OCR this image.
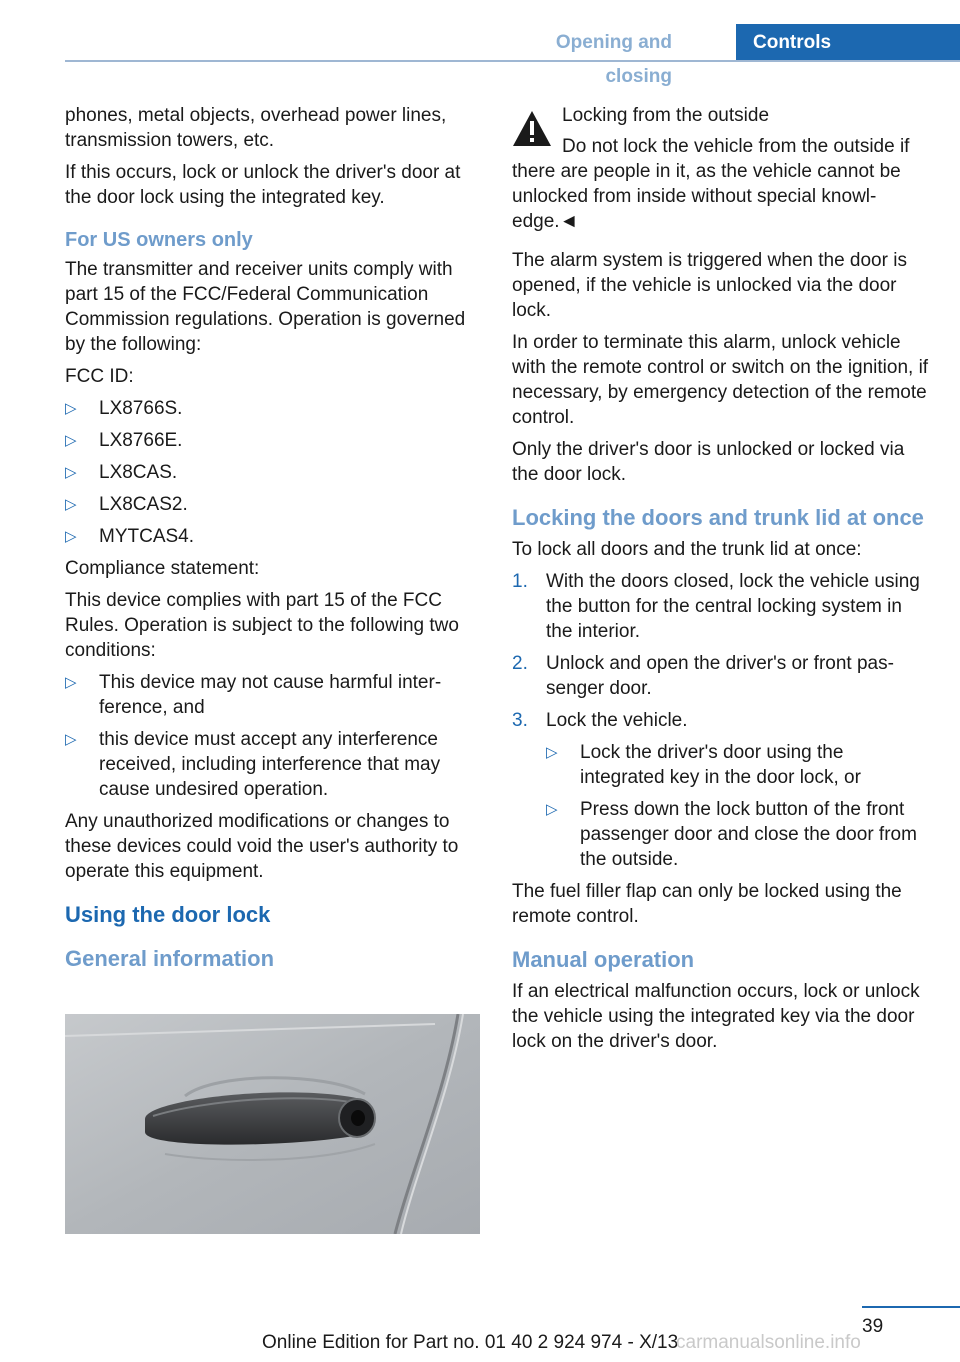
Opening and closing
Controls

phones, metal objects, overhead power lines, transmission towers, etc.

If this occurs, lock or unlock the driver's door at the door lock using the integrated key.

For US owners only

The transmitter and receiver units comply with part 15 of the FCC/Federal Communication Commission regulations. Operation is governed by the following:

FCC ID:

▷ LX8766S.
▷ LX8766E.
▷ LX8CAS.
▷ LX8CAS2.
▷ MYTCAS4.

Compliance statement:

This device complies with part 15 of the FCC Rules. Operation is subject to the following two conditions:

▷ This device may not cause harmful interference, and
▷ this device must accept any interference received, including interference that may cause undesired operation.

Any unauthorized modifications or changes to these devices could void the user's authority to operate this equipment.

Using the door lock
General information

Locking from the outside

Do not lock the vehicle from the outside if there are people in it, as the vehicle cannot be unlocked from inside without special knowledge.◄

The alarm system is triggered when the door is opened, if the vehicle is unlocked via the door lock.

In order to terminate this alarm, unlock vehicle with the remote control or switch on the ignition, if necessary, by emergency detection of the remote control.

Only the driver's door is unlocked or locked via the door lock.

Locking the doors and trunk lid at once

To lock all doors and the trunk lid at once:

1. With the doors closed, lock the vehicle using the button for the central locking system in the interior.
2. Unlock and open the driver's or front passenger door.
3. Lock the vehicle.
▷ Lock the driver's door using the integrated key in the door lock, or
▷ Press down the lock button of the front passenger door and close the door from the outside.

The fuel filler flap can only be locked using the remote control.

Manual operation

If an electrical malfunction occurs, lock or unlock the vehicle using the integrated key via the door lock on the driver's door.

39
Online Edition for Part no. 01 40 2 924 974 - X/13
carmanualsonline.info
